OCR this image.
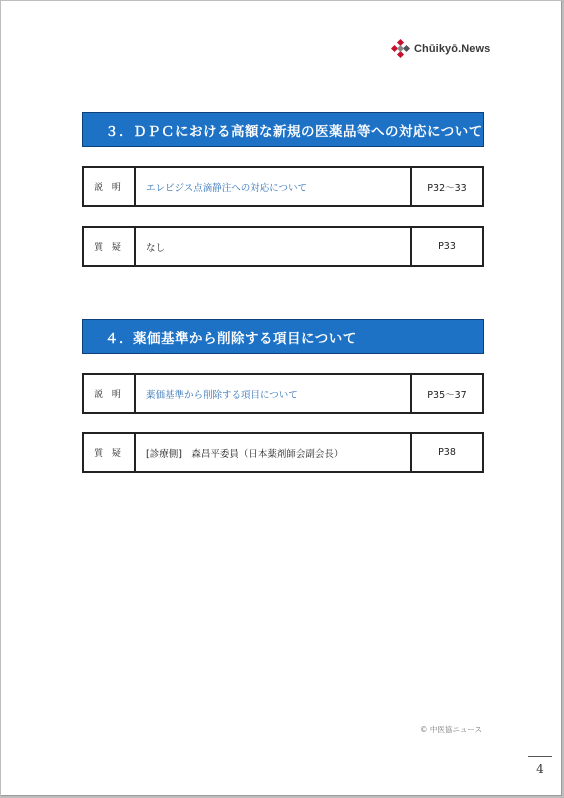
Chūikyō.News
３．ＤＰＣにおける高額な新規の医薬品等への対応について
説 明	エレビジス点滴静注への対応について	P32〜33
質 疑	なし	P33
４．薬価基準から削除する項目について
説 明	薬価基準から削除する項目について	P35〜37
質 疑	[診療側]　森昌平委員（日本薬剤師会副会長）	P38
© 中医協ニュース
4
